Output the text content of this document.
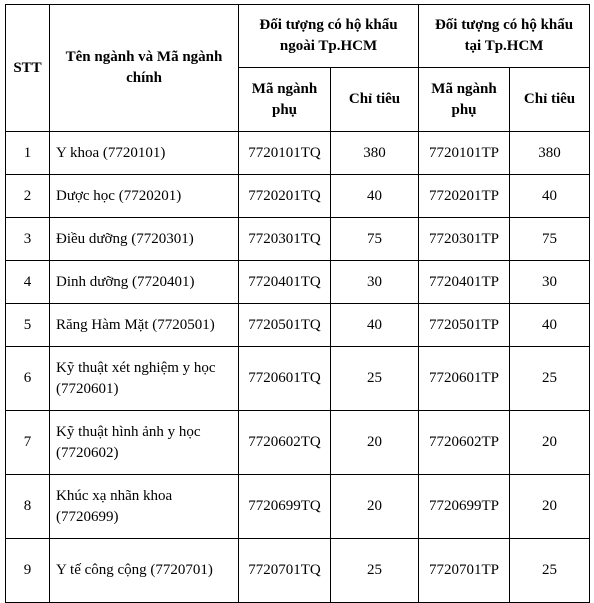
STT	Tên ngành và Mã ngành chính	Đối tượng có hộ khẩu ngoài Tp.HCM		Đối tượng có hộ khẩu tại Tp.HCM	
		Mã ngành phụ	Chỉ tiêu	Mã ngành phụ	Chỉ tiêu
1	Y khoa (7720101)	7720101TQ	380	7720101TP	380
2	Dược học (7720201)	7720201TQ	40	7720201TP	40
3	Điều dưỡng (7720301)	7720301TQ	75	7720301TP	75
4	Dinh dưỡng (7720401)	7720401TQ	30	7720401TP	30
5	Răng Hàm Mặt (7720501)	7720501TQ	40	7720501TP	40
6	Kỹ thuật xét nghiệm y học (7720601)	7720601TQ	25	7720601TP	25
7	Kỹ thuật hình ảnh y học (7720602)	7720602TQ	20	7720602TP	20
8	Khúc xạ nhãn khoa (7720699)	7720699TQ	20	7720699TP	20
9	Y tế công cộng (7720701)	7720701TQ	25	7720701TP	25
